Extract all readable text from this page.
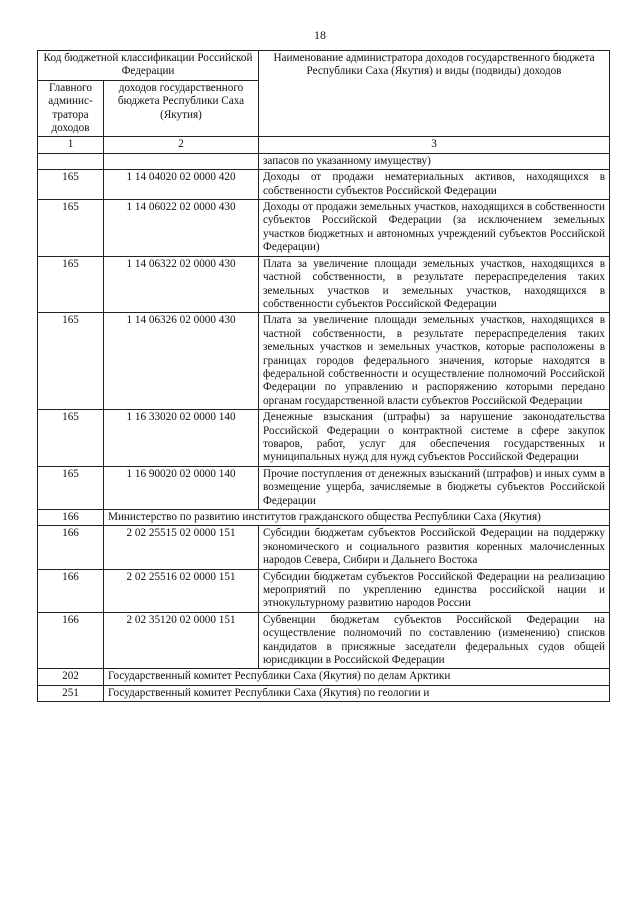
18
Код бюджетной классификации Российской Федерации		Наименование администратора доходов государственного бюджета Республики Саха (Якутия) и виды (подвиды) доходов
Главного админис-тратора доходов	доходов государственного бюджета Республики Саха (Якутия)	
1	2	3
		запасов по указанному имуществу)
165	1 14 04020 02 0000 420	Доходы от продажи нематериальных активов, находящихся в собственности субъектов Российской Федерации
165	1 14 06022 02 0000 430	Доходы от продажи земельных участков, находящихся в собственности субъектов Российской Федерации (за исключением земельных участков бюджетных и автономных учреждений субъектов Российской Федерации)
165	1 14 06322 02 0000 430	Плата за увеличение площади земельных участков, находящихся в частной собственности, в результате перераспределения таких земельных участков и земельных участков, находящихся в собственности субъектов Российской Федерации
165	1 14 06326 02 0000 430	Плата за увеличение площади земельных участков, находящихся в частной собственности, в результате перераспределения таких земельных участков и земельных участков, которые расположены в границах городов федерального значения, которые находятся в федеральной собственности и осуществление полномочий Российской Федерации по управлению и распоряжению которыми передано органам государственной власти субъектов Российской Федерации
165	1 16 33020 02 0000 140	Денежные взыскания (штрафы) за нарушение законодательства Российской Федерации о контрактной системе в сфере закупок товаров, работ, услуг для обеспечения государственных и муниципальных нужд для нужд субъектов Российской Федерации
165	1 16 90020 02 0000 140	Прочие поступления от денежных взысканий (штрафов) и иных сумм в возмещение ущерба, зачисляемые в бюджеты субъектов Российской Федерации
166	Министерство по развитию институтов гражданского общества Республики Саха (Якутия)	
166	2 02 25515 02 0000 151	Субсидии бюджетам субъектов Российской Федерации на поддержку экономического и социального развития коренных малочисленных народов Севера, Сибири и Дальнего Востока
166	2 02 25516 02 0000 151	Субсидии бюджетам субъектов Российской Федерации на реализацию мероприятий по укреплению единства российской нации и этнокультурному развитию народов России
166	2 02 35120 02 0000 151	Субвенции бюджетам субъектов Российской Федерации на осуществление полномочий по составлению (изменению) списков кандидатов в присяжные заседатели федеральных судов общей юрисдикции в Российской Федерации
202	Государственный комитет Республики Саха (Якутия) по делам Арктики	
251	Государственный комитет Республики Саха (Якутия) по геологии и	
